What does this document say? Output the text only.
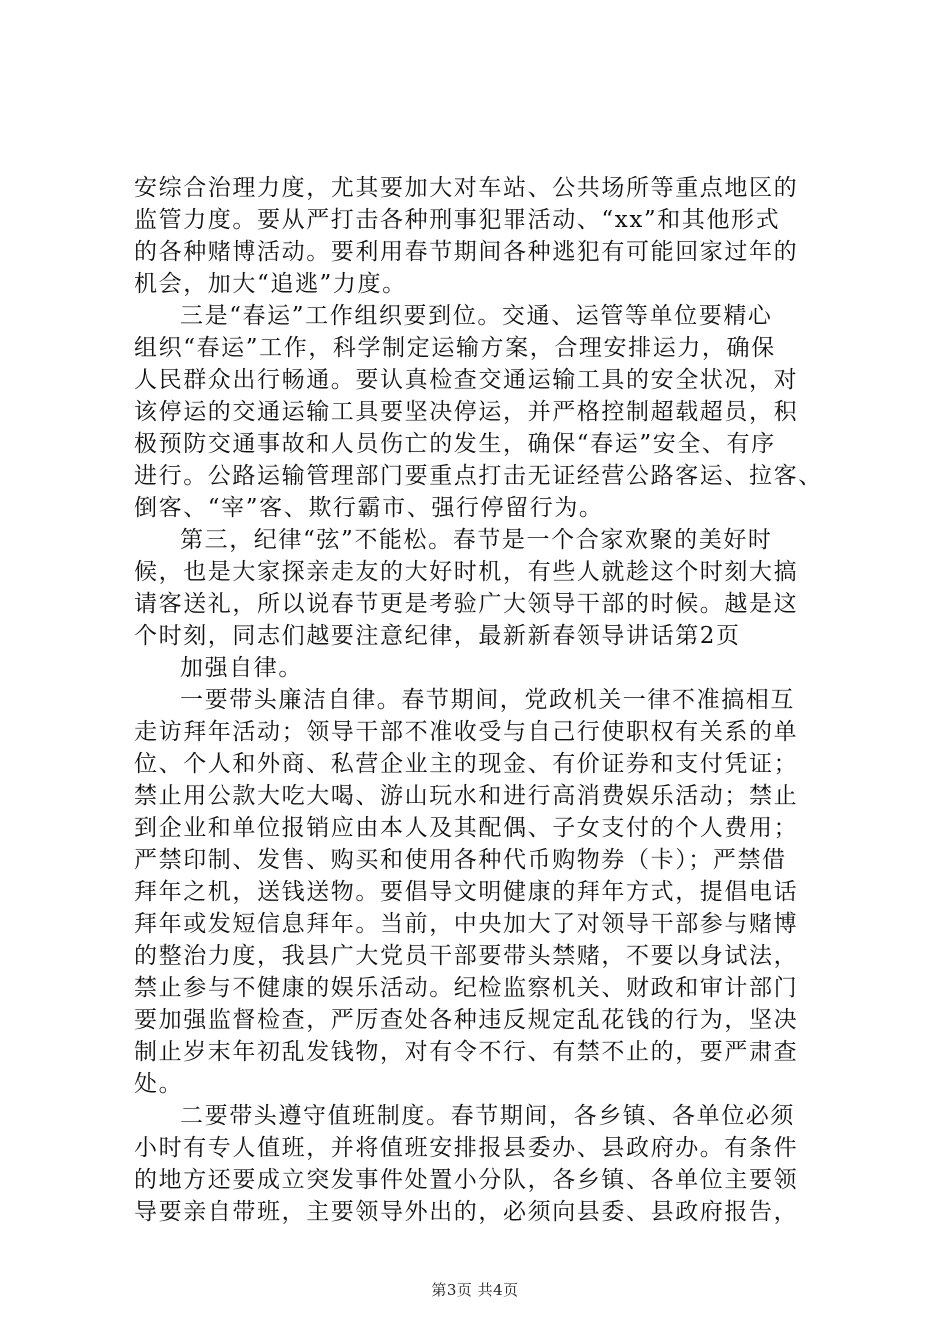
安综合治理力度，尤其要加大对车站、公共场所等重点地区的
监管力度。要从严打击各种刑事犯罪活动、“xx”和其他形式
的各种赌博活动。要利用春节期间各种逃犯有可能回家过年的
机会，加大“追逃”力度。
三是“春运”工作组织要到位。交通、运管等单位要精心
组织“春运”工作，科学制定运输方案，合理安排运力，确保
人民群众出行畅通。要认真检查交通运输工具的安全状况，对
该停运的交通运输工具要坚决停运，并严格控制超载超员，积
极预防交通事故和人员伤亡的发生，确保“春运”安全、有序
进行。公路运输管理部门要重点打击无证经营公路客运、拉客、
倒客、“宰”客、欺行霸市、强行停留行为。
第三，纪律“弦”不能松。春节是一个合家欢聚的美好时
候，也是大家探亲走友的大好时机，有些人就趁这个时刻大搞
请客送礼，所以说春节更是考验广大领导干部的时候。越是这
个时刻，同志们越要注意纪律，最新新春领导讲话第2页
加强自律。
一要带头廉洁自律。春节期间，党政机关一律不准搞相互
走访拜年活动；领导干部不准收受与自己行使职权有关系的单
位、个人和外商、私营企业主的现金、有价证券和支付凭证；
禁止用公款大吃大喝、游山玩水和进行高消费娱乐活动；禁止
到企业和单位报销应由本人及其配偶、子女支付的个人费用；
严禁印制、发售、购买和使用各种代币购物券（卡）；严禁借
拜年之机，送钱送物。要倡导文明健康的拜年方式，提倡电话
拜年或发短信息拜年。当前，中央加大了对领导干部参与赌博
的整治力度，我县广大党员干部要带头禁赌，不要以身试法，
禁止参与不健康的娱乐活动。纪检监察机关、财政和审计部门
要加强监督检查，严厉查处各种违反规定乱花钱的行为，坚决
制止岁末年初乱发钱物，对有令不行、有禁不止的，要严肃查
处。
二要带头遵守值班制度。春节期间，各乡镇、各单位必须
小时有专人值班，并将值班安排报县委办、县政府办。有条件
的地方还要成立突发事件处置小分队，各乡镇、各单位主要领
导要亲自带班，主要领导外出的，必须向县委、县政府报告，
第3页 共4页
